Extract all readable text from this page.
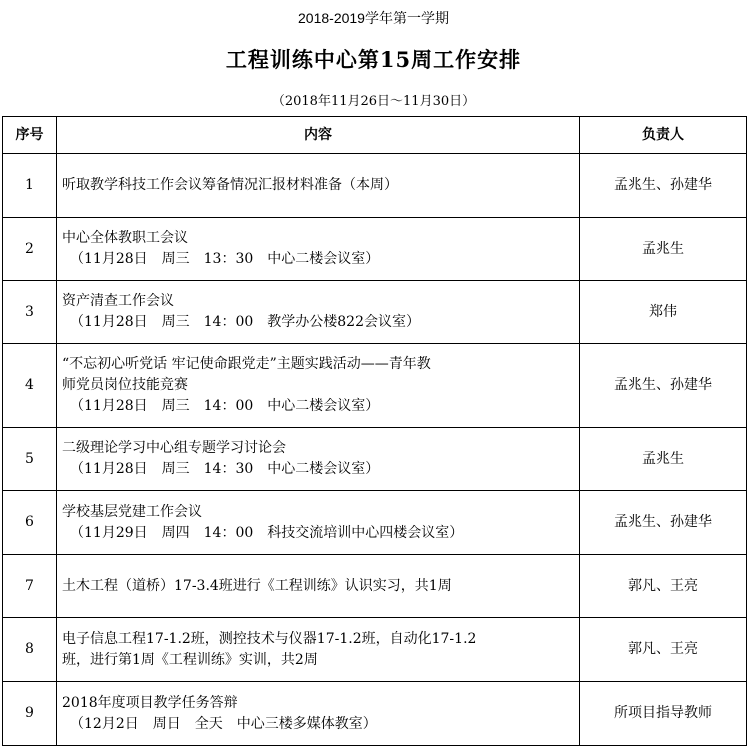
2018-2019学年第一学期
工程训练中心第15周工作安排
（2018年11月26日～11月30日）
序号	内容	负责人
1	听取教学科技工作会议筹备情况汇报材料准备（本周）	孟兆生、孙建华
2	中心全体教职工会议
（11月28日　周三　13：30　中心二楼会议室）	孟兆生
3	资产清查工作会议
（11月28日　周三　14：00　教学办公楼822会议室）	郑伟
4	“不忘初心听党话 牢记使命跟党走”主题实践活动——青年教
师党员岗位技能竞赛
（11月28日　周三　14：00　中心二楼会议室）	孟兆生、孙建华
5	二级理论学习中心组专题学习讨论会
（11月28日　周三　14：30　中心二楼会议室）	孟兆生
6	学校基层党建工作会议
（11月29日　周四　14：00　科技交流培训中心四楼会议室）	孟兆生、孙建华
7	土木工程（道桥）17-3.4班进行《工程训练》认识实习，共1周	郭凡、王亮
8	电子信息工程17-1.2班，测控技术与仪器17-1.2班，自动化17-1.2
班，进行第1周《工程训练》实训，共2周	郭凡、王亮
9	2018年度项目教学任务答辩
（12月2日　周日　全天　中心三楼多媒体教室）	所项目指导教师
